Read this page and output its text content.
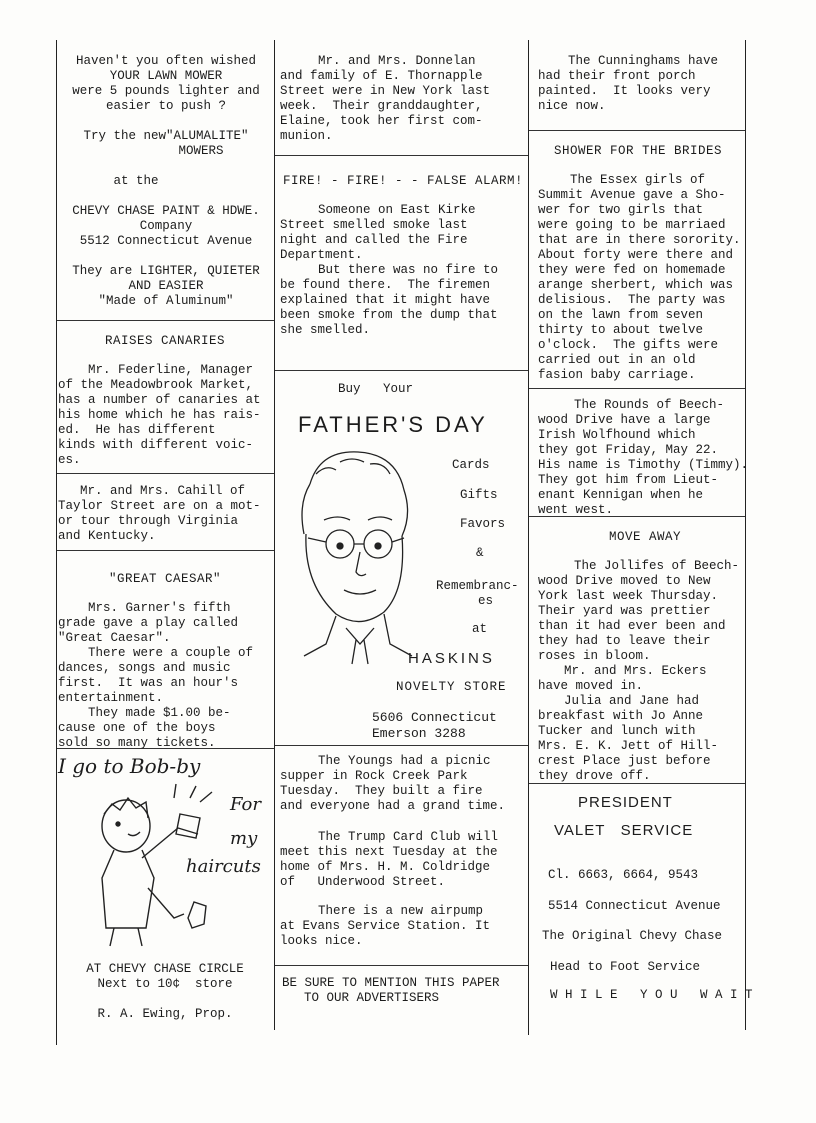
Haven't you often wished
YOUR LAWN MOWER
were 5 pounds lighter and
easier to push ?
Try the new"ALUMALITE"
MOWERS
at the
CHEVY CHASE PAINT & HDWE.
Company
5512 Connecticut Avenue
They are LIGHTER, QUIETER
AND EASIER
"Made of Aluminum"
RAISES CANARIES
Mr. Federline, Manager
of the Meadowbrook Market,
has a number of canaries at
his home which he has rais-
ed.  He has different
kinds with different voic-
es.
Mr. and Mrs. Cahill of
Taylor Street are on a mot-
or tour through Virginia
and Kentucky.
"GREAT CAESAR"
Mrs. Garner's fifth
grade gave a play called
"Great Caesar".
There were a couple of
dances, songs and music
first.  It was an hour's
entertainment.
They made $1.00 be-
cause one of the boys
sold so many tickets.
I go to Bob-by
For
my
haircuts
AT CHEVY CHASE CIRCLE
Next to 10¢  store
R. A. Ewing, Prop.
Mr. and Mrs. Donnelan
and family of E. Thornapple
Street were in New York last
week.  Their granddaughter,
Elaine, took her first com-
munion.
FIRE! - FIRE! - - FALSE ALARM!
Someone on East Kirke
Street smelled smoke last
night and called the Fire
Department.
But there was no fire to
be found there.  The firemen
explained that it might have
been smoke from the dump that
she smelled.
Buy   Your
FATHER'S DAY
Cards
Gifts
Favors
&
Remembranc-
es
at
HASKINS
NOVELTY STORE
5606 Connecticut
Emerson 3288
The Youngs had a picnic
supper in Rock Creek Park
Tuesday.  They built a fire
and everyone had a grand time.
The Trump Card Club will
meet this next Tuesday at the
home of Mrs. H. M. Coldridge
of   Underwood Street.
There is a new airpump
at Evans Service Station. It
looks nice.
BE SURE TO MENTION THIS PAPER
TO OUR ADVERTISERS
The Cunninghams have
had their front porch
painted.  It looks very
nice now.
SHOWER FOR THE BRIDES
The Essex girls of
Summit Avenue gave a Sho-
wer for two girls that
were going to be marriaed
that are in there sorority.
About forty were there and
they were fed on homemade
arange sherbert, which was
delisious.  The party was
on the lawn from seven
thirty to about twelve
o'clock.  The gifts were
carried out in an old
fasion baby carriage.
The Rounds of Beech-
wood Drive have a large
Irish Wolfhound which
they got Friday, May 22.
His name is Timothy (Timmy).
They got him from Lieut-
enant Kennigan when he
went west.
MOVE AWAY
The Jollifes of Beech-
wood Drive moved to New
York last week Thursday.
Their yard was prettier
than it had ever been and
they had to leave their
roses in bloom.
Mr. and Mrs. Eckers
have moved in.
Julia and Jane had
breakfast with Jo Anne
Tucker and lunch with
Mrs. E. K. Jett of Hill-
crest Place just before
they drove off.
PRESIDENT
VALET   SERVICE
Cl. 6663, 6664, 9543
5514 Connecticut Avenue
The Original Chevy Chase
Head to Foot Service
W H I L E   Y O U   W A I T
